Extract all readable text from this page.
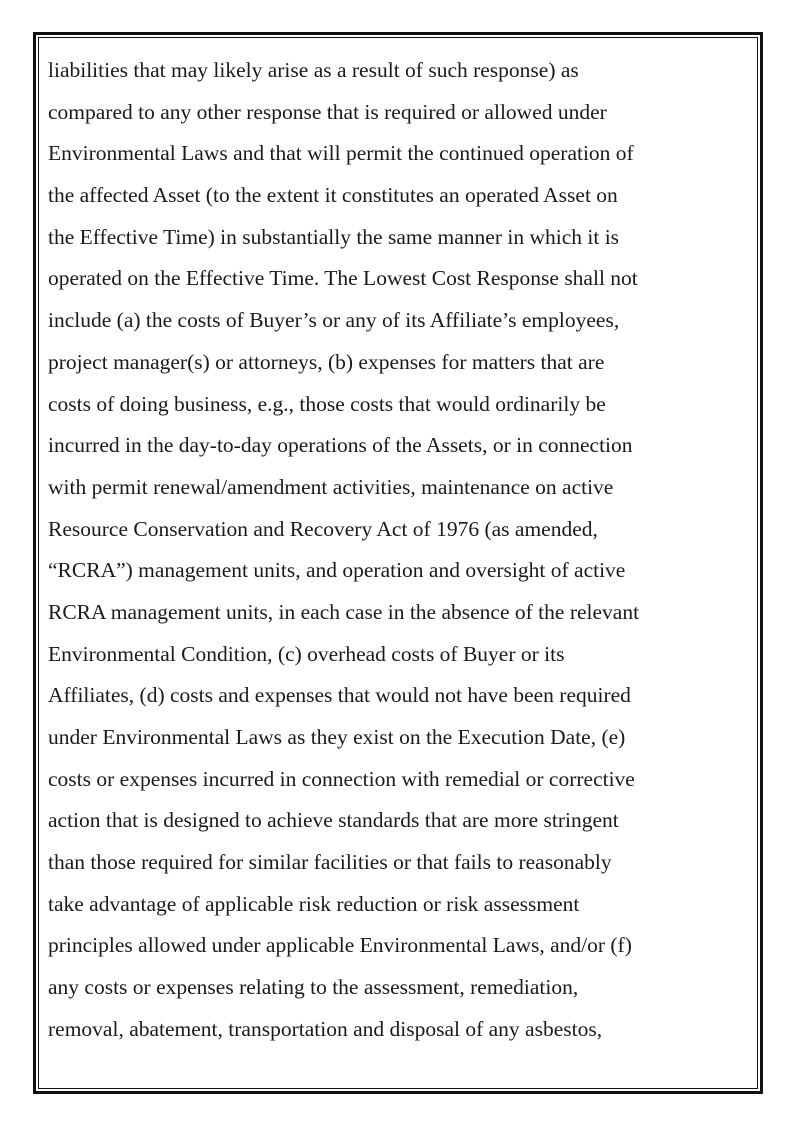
liabilities that may likely arise as a result of such response) as
compared to any other response that is required or allowed under
Environmental Laws and that will permit the continued operation of
the affected Asset (to the extent it constitutes an operated Asset on
the Effective Time) in substantially the same manner in which it is
operated on the Effective Time. The Lowest Cost Response shall not
include (a) the costs of Buyer’s or any of its Affiliate’s employees,
project manager(s) or attorneys, (b) expenses for matters that are
costs of doing business, e.g., those costs that would ordinarily be
incurred in the day-to-day operations of the Assets, or in connection
with permit renewal/amendment activities, maintenance on active
Resource Conservation and Recovery Act of 1976 (as amended,
“RCRA”) management units, and operation and oversight of active
RCRA management units, in each case in the absence of the relevant
Environmental Condition, (c) overhead costs of Buyer or its
Affiliates, (d) costs and expenses that would not have been required
under Environmental Laws as they exist on the Execution Date, (e)
costs or expenses incurred in connection with remedial or corrective
action that is designed to achieve standards that are more stringent
than those required for similar facilities or that fails to reasonably
take advantage of applicable risk reduction or risk assessment
principles allowed under applicable Environmental Laws, and/or (f)
any costs or expenses relating to the assessment, remediation,
removal, abatement, transportation and disposal of any asbestos,
